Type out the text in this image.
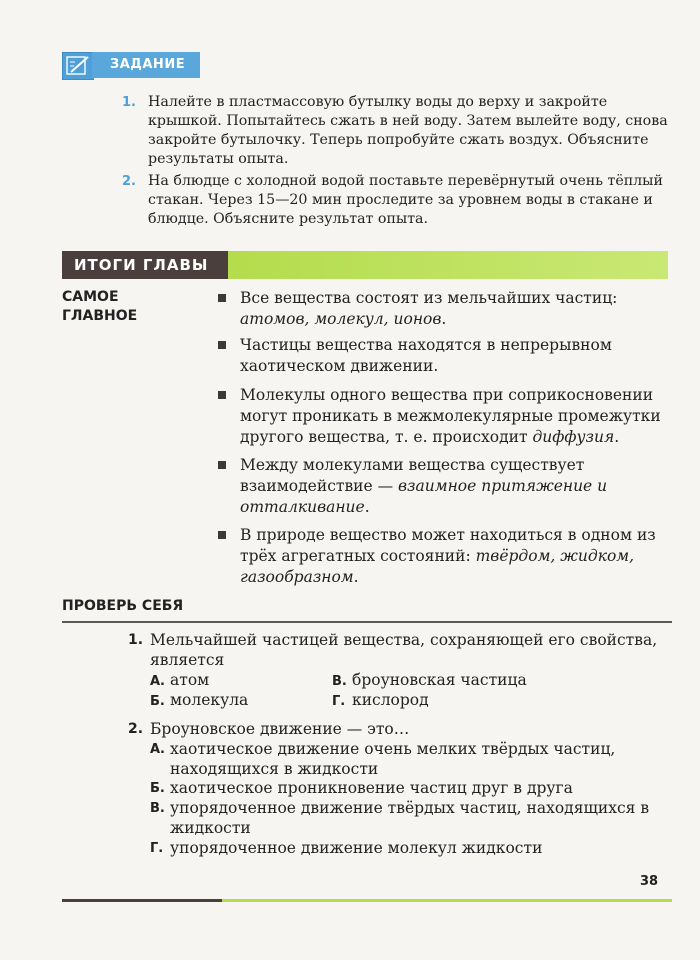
ЗАДАНИЕ
1. Налейте в пластмассовую бутылку воды до верху и закройте крышкой. Попытайтесь сжать в ней воду. Затем вылейте воду, снова закройте бутылочку. Теперь попробуйте сжать воздух. Объясните результаты опыта.
2. На блюдце с холодной водой поставьте перевёрнутый очень тёплый стакан. Через 15—20 мин проследите за уровнем воды в стакане и блюдце. Объясните результат опыта.
ИТОГИ ГЛАВЫ
САМОЕ ГЛАВНОЕ
Все вещества состоят из мельчайших частиц: атомов, молекул, ионов.
Частицы вещества находятся в непрерывном хаотическом движении.
Молекулы одного вещества при соприкосновении могут проникать в межмолекулярные промежутки другого вещества, т. е. происходит диффузия.
Между молекулами вещества существует взаимодействие — взаимное притяжение и отталкивание.
В природе вещество может находиться в одном из трёх агрегатных состояний: твёрдом, жидком, газообразном.
ПРОВЕРЬ СЕБЯ
1. Мельчайшей частицей вещества, сохраняющей его свойства, является
А. атом	В. броуновская частица
Б. молекула	Г. кислород
2. Броуновское движение — это…
А. хаотическое движение очень мелких твёрдых частиц, находящихся в жидкости
Б. хаотическое проникновение частиц друг в друга
В. упорядоченное движение твёрдых частиц, находящихся в жидкости
Г. упорядоченное движение молекул жидкости
38
